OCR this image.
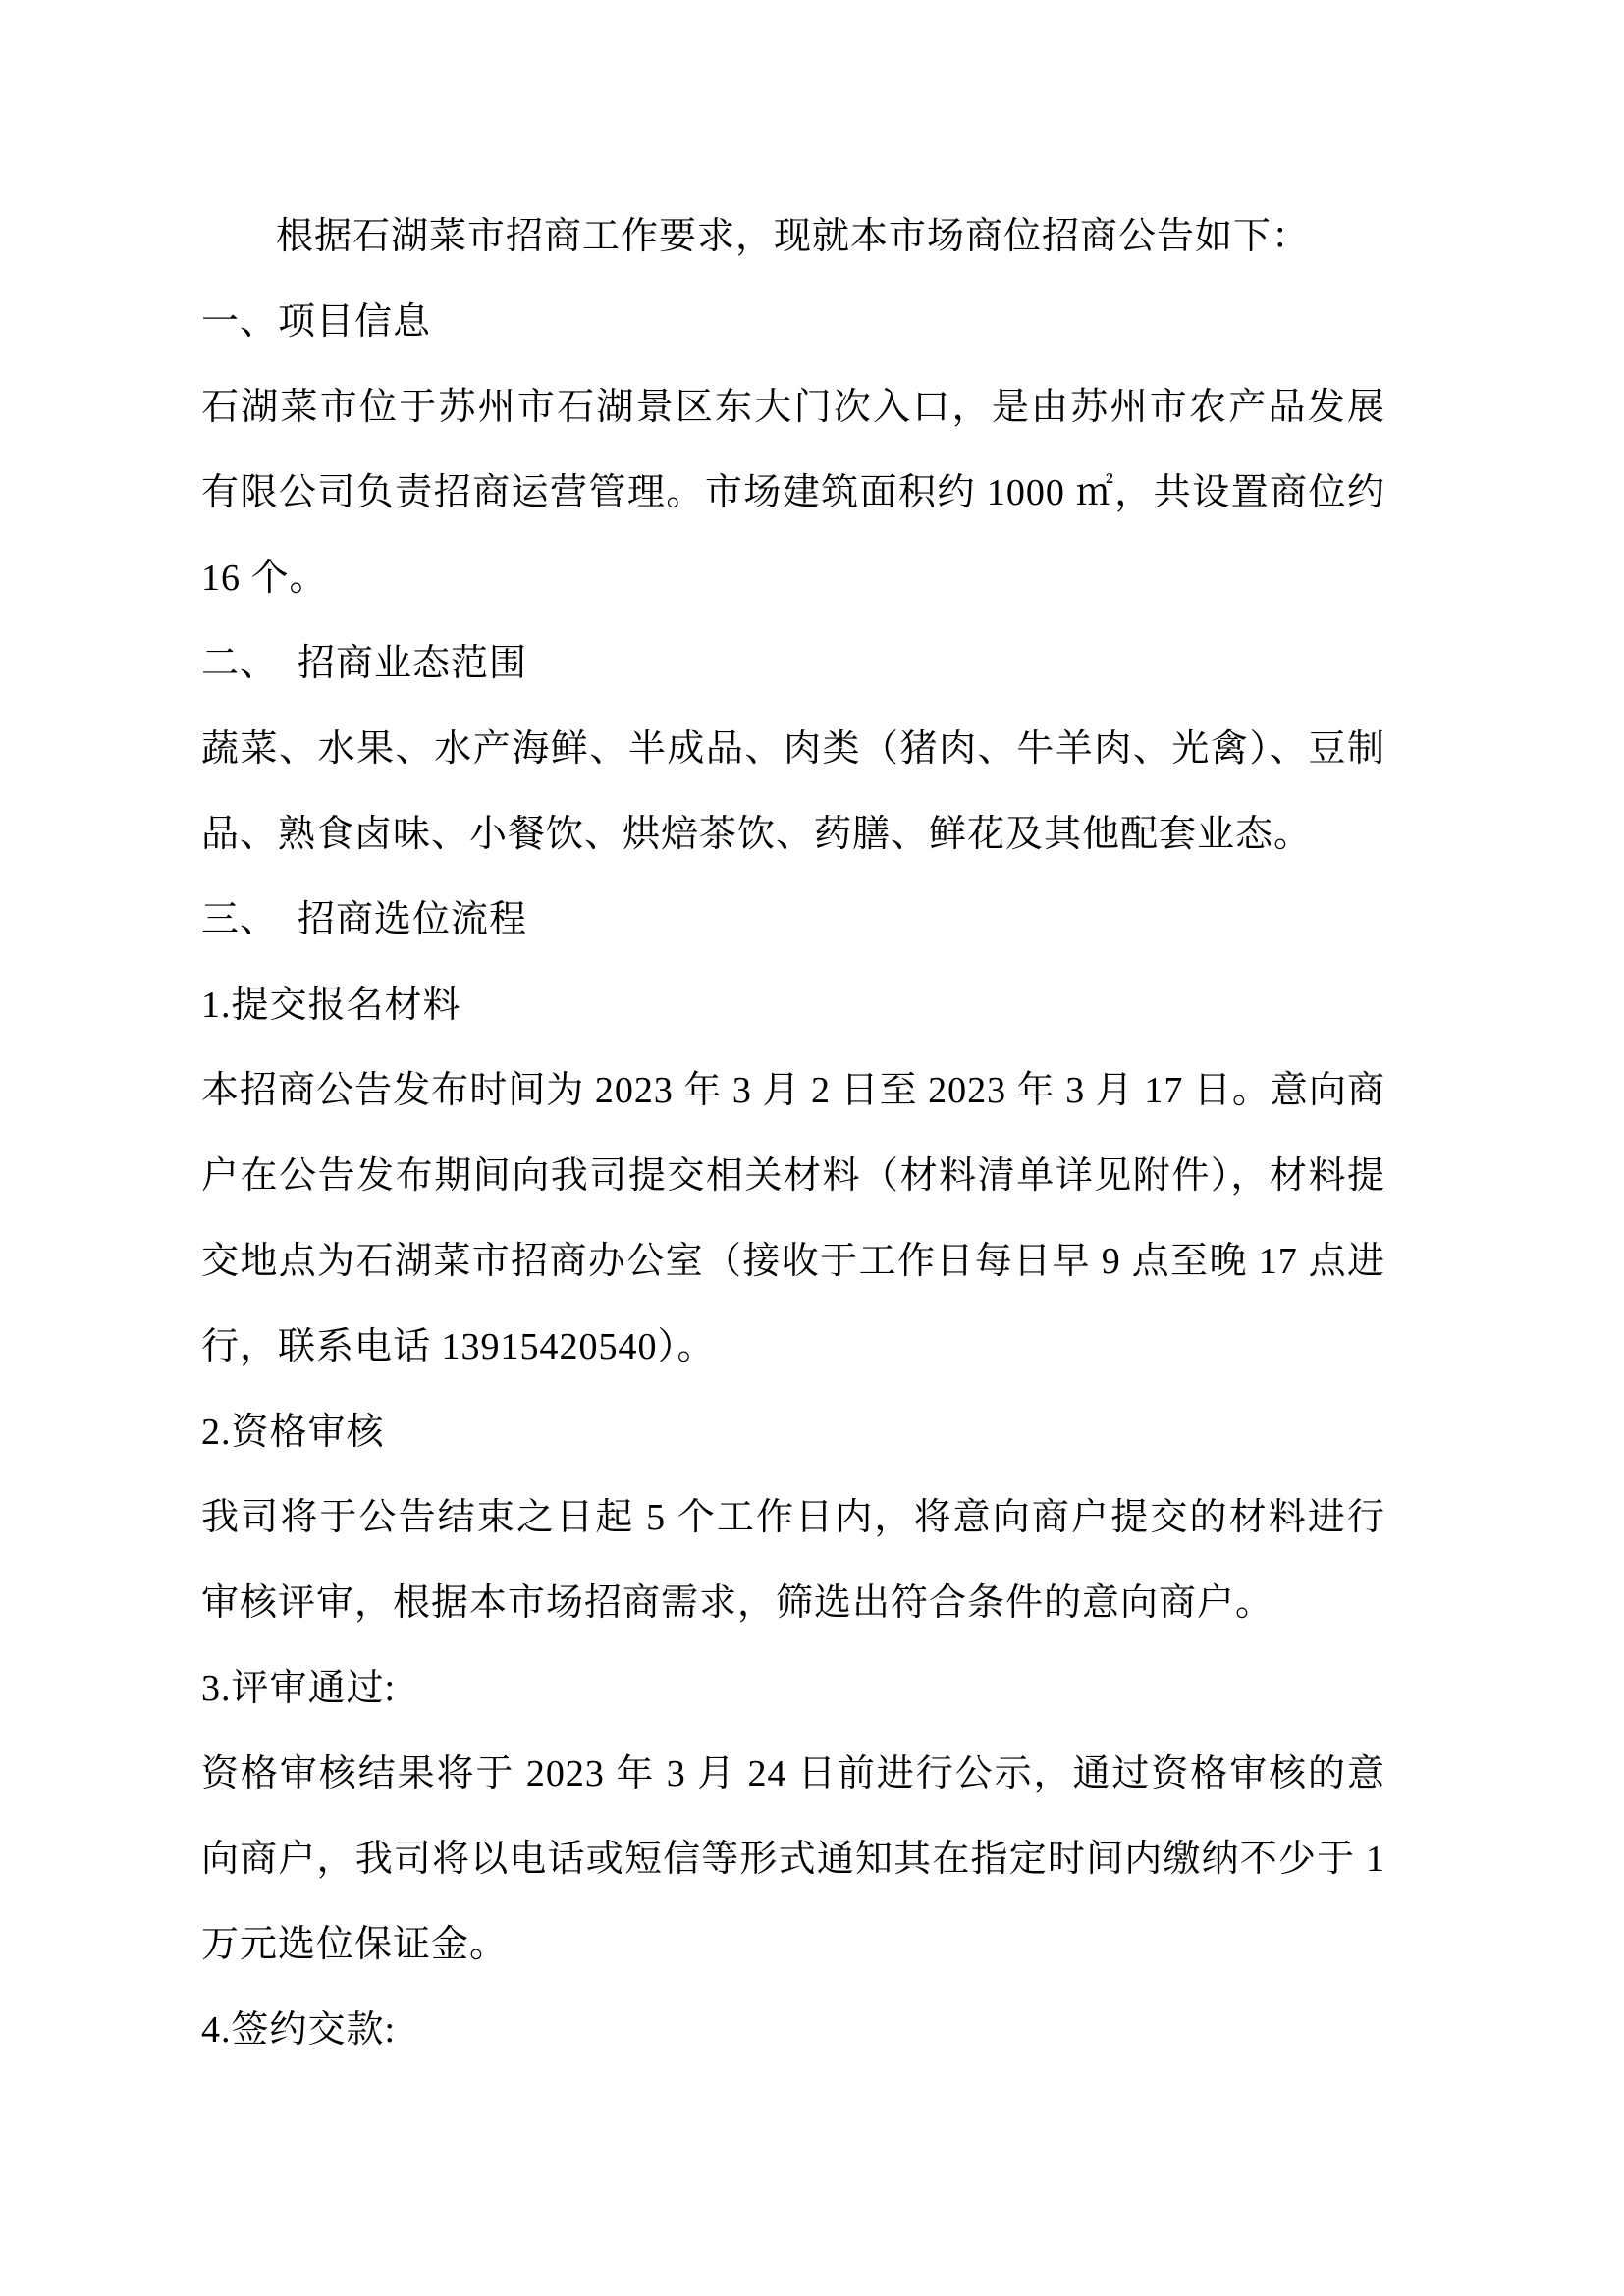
根据石湖菜市招商工作要求，现就本市场商位招商公告如下：

一、项目信息

石湖菜市位于苏州市石湖景区东大门次入口，是由苏州市农产品发展有限公司负责招商运营管理。市场建筑面积约 1000 ㎡，共设置商位约 16 个。

二、　招商业态范围

蔬菜、水果、水产海鲜、半成品、肉类（猪肉、牛羊肉、光禽）、豆制品、熟食卤味、小餐饮、烘焙茶饮、药膳、鲜花及其他配套业态。

三、　招商选位流程

1.提交报名材料

本招商公告发布时间为 2023 年 3 月 2 日至 2023 年 3 月 17 日。意向商户在公告发布期间向我司提交相关材料（材料清单详见附件），材料提交地点为石湖菜市招商办公室（接收于工作日每日早 9 点至晚 17 点进行，联系电话 13915420540）。

2.资格审核

我司将于公告结束之日起 5 个工作日内，将意向商户提交的材料进行审核评审，根据本市场招商需求，筛选出符合条件的意向商户。

3.评审通过:

资格审核结果将于 2023 年 3 月 24 日前进行公示，通过资格审核的意向商户，我司将以电话或短信等形式通知其在指定时间内缴纳不少于 1 万元选位保证金。

4.签约交款:
